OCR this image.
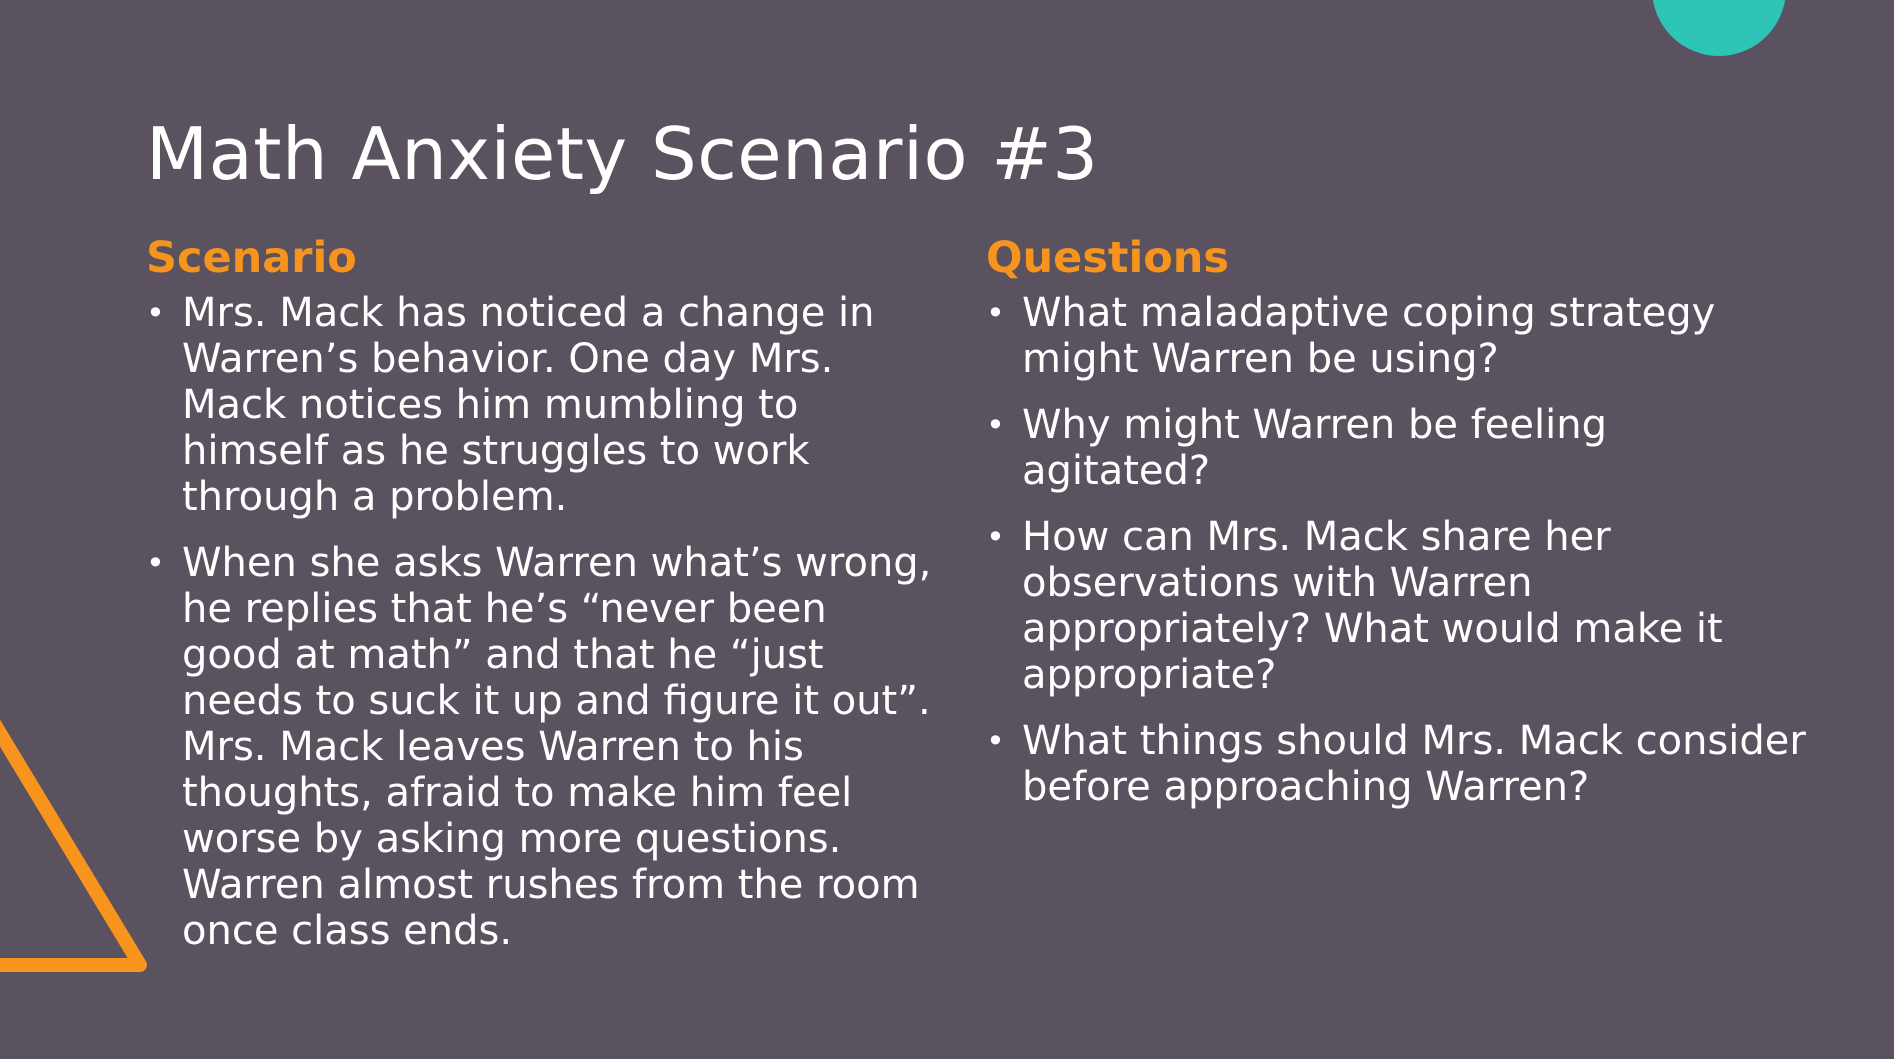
Math Anxiety Scenario #3
Scenario
• Mrs. Mack has noticed a change in Warren’s behavior. One day Mrs. Mack notices him mumbling to himself as he struggles to work through a problem.
• When she asks Warren what’s wrong, he replies that he’s “never been good at math” and that he “just needs to suck it up and figure it out”. Mrs. Mack leaves Warren to his thoughts, afraid to make him feel worse by asking more questions. Warren almost rushes from the room once class ends.
Questions
• What maladaptive coping strategy might Warren be using?
• Why might Warren be feeling agitated?
• How can Mrs. Mack share her observations with Warren appropriately? What would make it appropriate?
• What things should Mrs. Mack consider before approaching Warren?
